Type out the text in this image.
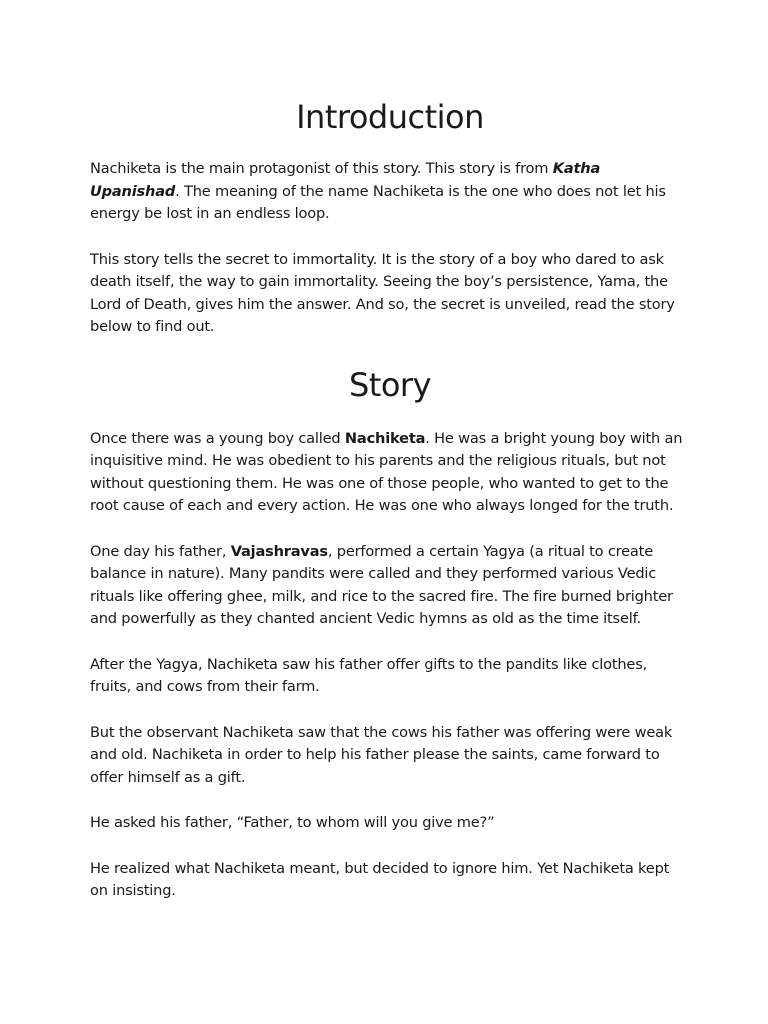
Introduction

Nachiketa is the main protagonist of this story. This story is from Katha Upanishad. The meaning of the name Nachiketa is the one who does not let his energy be lost in an endless loop.

This story tells the secret to immortality. It is the story of a boy who dared to ask death itself, the way to gain immortality. Seeing the boy’s persistence, Yama, the Lord of Death, gives him the answer. And so, the secret is unveiled, read the story below to find out.

Story

Once there was a young boy called Nachiketa. He was a bright young boy with an inquisitive mind. He was obedient to his parents and the religious rituals, but not without questioning them. He was one of those people, who wanted to get to the root cause of each and every action. He was one who always longed for the truth.

One day his father, Vajashravas, performed a certain Yagya (a ritual to create balance in nature). Many pandits were called and they performed various Vedic rituals like offering ghee, milk, and rice to the sacred fire. The fire burned brighter and powerfully as they chanted ancient Vedic hymns as old as the time itself.

After the Yagya, Nachiketa saw his father offer gifts to the pandits like clothes, fruits, and cows from their farm.

But the observant Nachiketa saw that the cows his father was offering were weak and old. Nachiketa in order to help his father please the saints, came forward to offer himself as a gift.

He asked his father, “Father, to whom will you give me?”

He realized what Nachiketa meant, but decided to ignore him. Yet Nachiketa kept on insisting.
